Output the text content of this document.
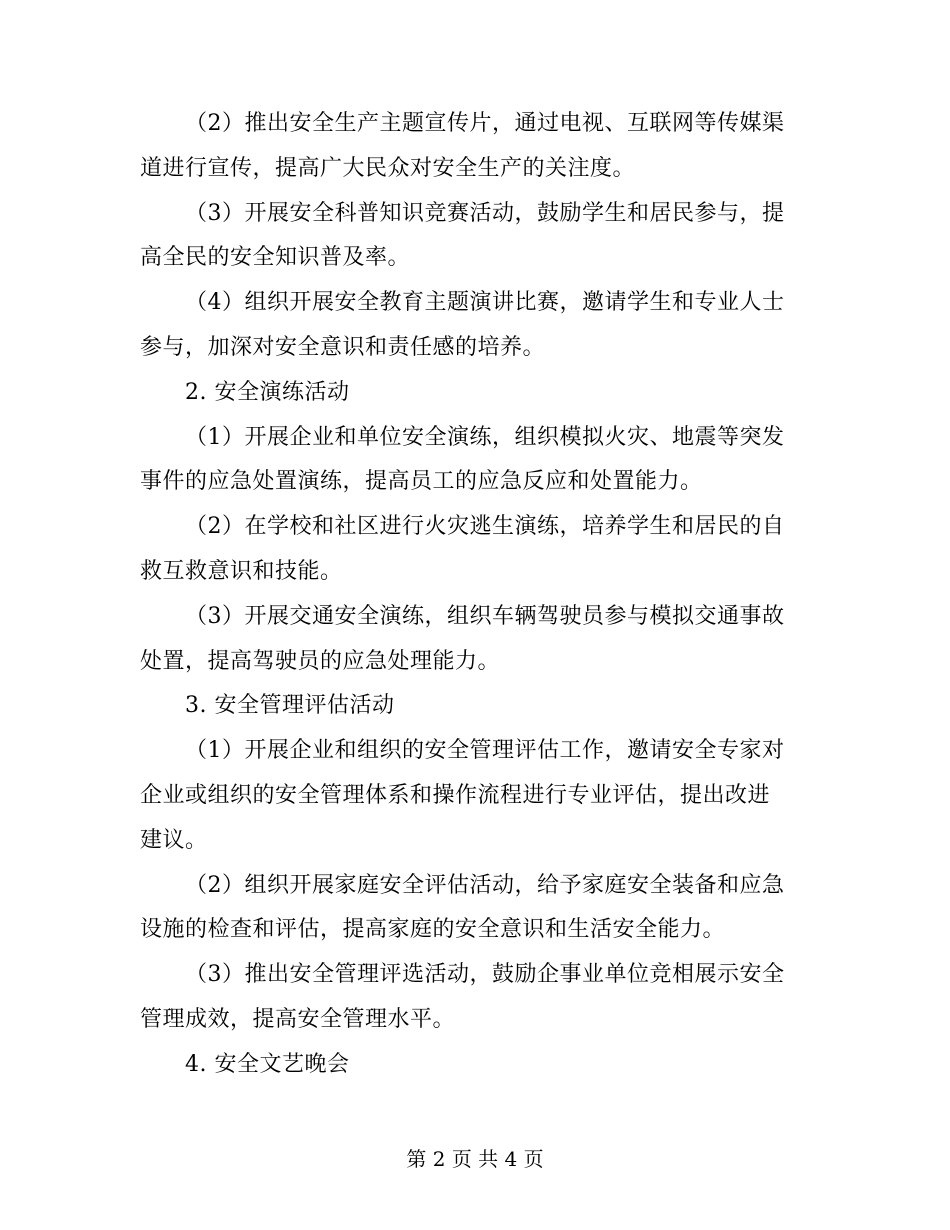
（2）推出安全生产主题宣传片，通过电视、互联网等传媒渠
道进行宣传，提高广大民众对安全生产的关注度。
（3）开展安全科普知识竞赛活动，鼓励学生和居民参与，提
高全民的安全知识普及率。
（4）组织开展安全教育主题演讲比赛，邀请学生和专业人士
参与，加深对安全意识和责任感的培养。
2. 安全演练活动
（1）开展企业和单位安全演练，组织模拟火灾、地震等突发
事件的应急处置演练，提高员工的应急反应和处置能力。
（2）在学校和社区进行火灾逃生演练，培养学生和居民的自
救互救意识和技能。
（3）开展交通安全演练，组织车辆驾驶员参与模拟交通事故
处置，提高驾驶员的应急处理能力。
3. 安全管理评估活动
（1）开展企业和组织的安全管理评估工作，邀请安全专家对
企业或组织的安全管理体系和操作流程进行专业评估，提出改进
建议。
（2）组织开展家庭安全评估活动，给予家庭安全装备和应急
设施的检查和评估，提高家庭的安全意识和生活安全能力。
（3）推出安全管理评选活动，鼓励企事业单位竞相展示安全
管理成效，提高安全管理水平。
4. 安全文艺晚会
第 2 页 共 4 页
